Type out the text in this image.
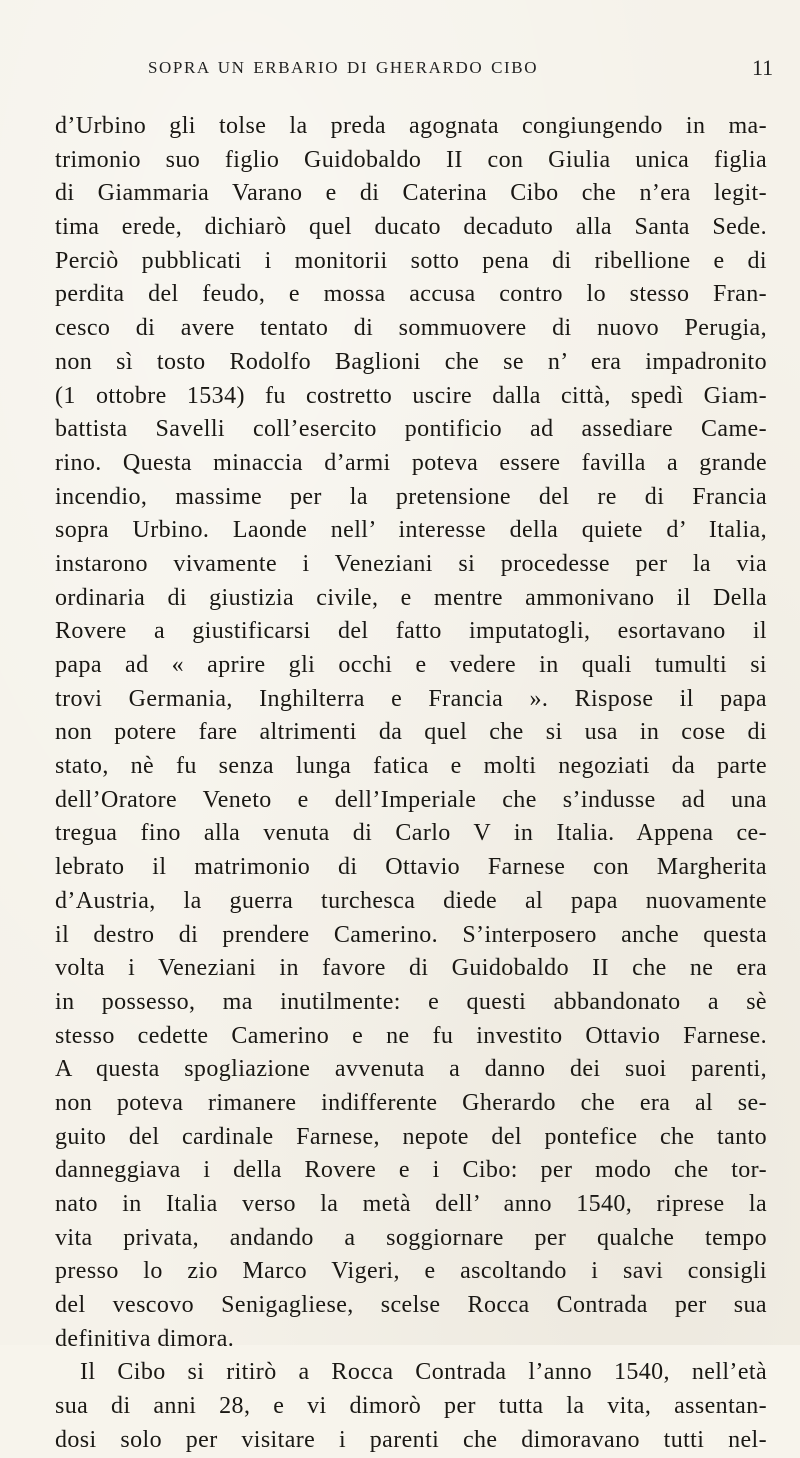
SOPRA UN ERBARIO DI GHERARDO CIBO	11
d’Urbino gli tolse la preda agognata congiungendo in ma-
trimonio suo figlio Guidobaldo II con Giulia unica figlia
di Giammaria Varano e di Caterina Cibo che n’era legit-
tima erede, dichiarò quel ducato decaduto alla Santa Sede.
Perciò pubblicati i monitorii sotto pena di ribellione e di
perdita del feudo, e mossa accusa contro lo stesso Fran-
cesco di avere tentato di sommuovere di nuovo Perugia,
non sì tosto Rodolfo Baglioni che se n’ era impadronito
(1 ottobre 1534) fu costretto uscire dalla città, spedì Giam-
battista Savelli coll’esercito pontificio ad assediare Came-
rino. Questa minaccia d’armi poteva essere favilla a grande
incendio, massime per la pretensione del re di Francia
sopra Urbino. Laonde nell’ interesse della quiete d’ Italia,
instarono vivamente i Veneziani si procedesse per la via
ordinaria di giustizia civile, e mentre ammonivano il Della
Rovere a giustificarsi del fatto imputatogli, esortavano il
papa ad « aprire gli occhi e vedere in quali tumulti si
trovi Germania, Inghilterra e Francia ». Rispose il papa
non potere fare altrimenti da quel che si usa in cose di
stato, nè fu senza lunga fatica e molti negoziati da parte
dell’Oratore Veneto e dell’Imperiale che s’indusse ad una
tregua fino alla venuta di Carlo V in Italia. Appena ce-
lebrato il matrimonio di Ottavio Farnese con Margherita
d’Austria, la guerra turchesca diede al papa nuovamente
il destro di prendere Camerino. S’interposero anche questa
volta i Veneziani in favore di Guidobaldo II che ne era
in possesso, ma inutilmente: e questi abbandonato a sè
stesso cedette Camerino e ne fu investito Ottavio Farnese.
A questa spogliazione avvenuta a danno dei suoi parenti,
non poteva rimanere indifferente Gherardo che era al se-
guito del cardinale Farnese, nepote del pontefice che tanto
danneggiava i della Rovere e i Cibo: per modo che tor-
nato in Italia verso la metà dell’ anno 1540, riprese la
vita privata, andando a soggiornare per qualche tempo
presso lo zio Marco Vigeri, e ascoltando i savi consigli
del vescovo Senigagliese, scelse Rocca Contrada per sua
definitiva dimora.
Il Cibo si ritirò a Rocca Contrada l’anno 1540, nell’età
sua di anni 28, e vi dimorò per tutta la vita, assentan-
dosi solo per visitare i parenti che dimoravano tutti nel-
